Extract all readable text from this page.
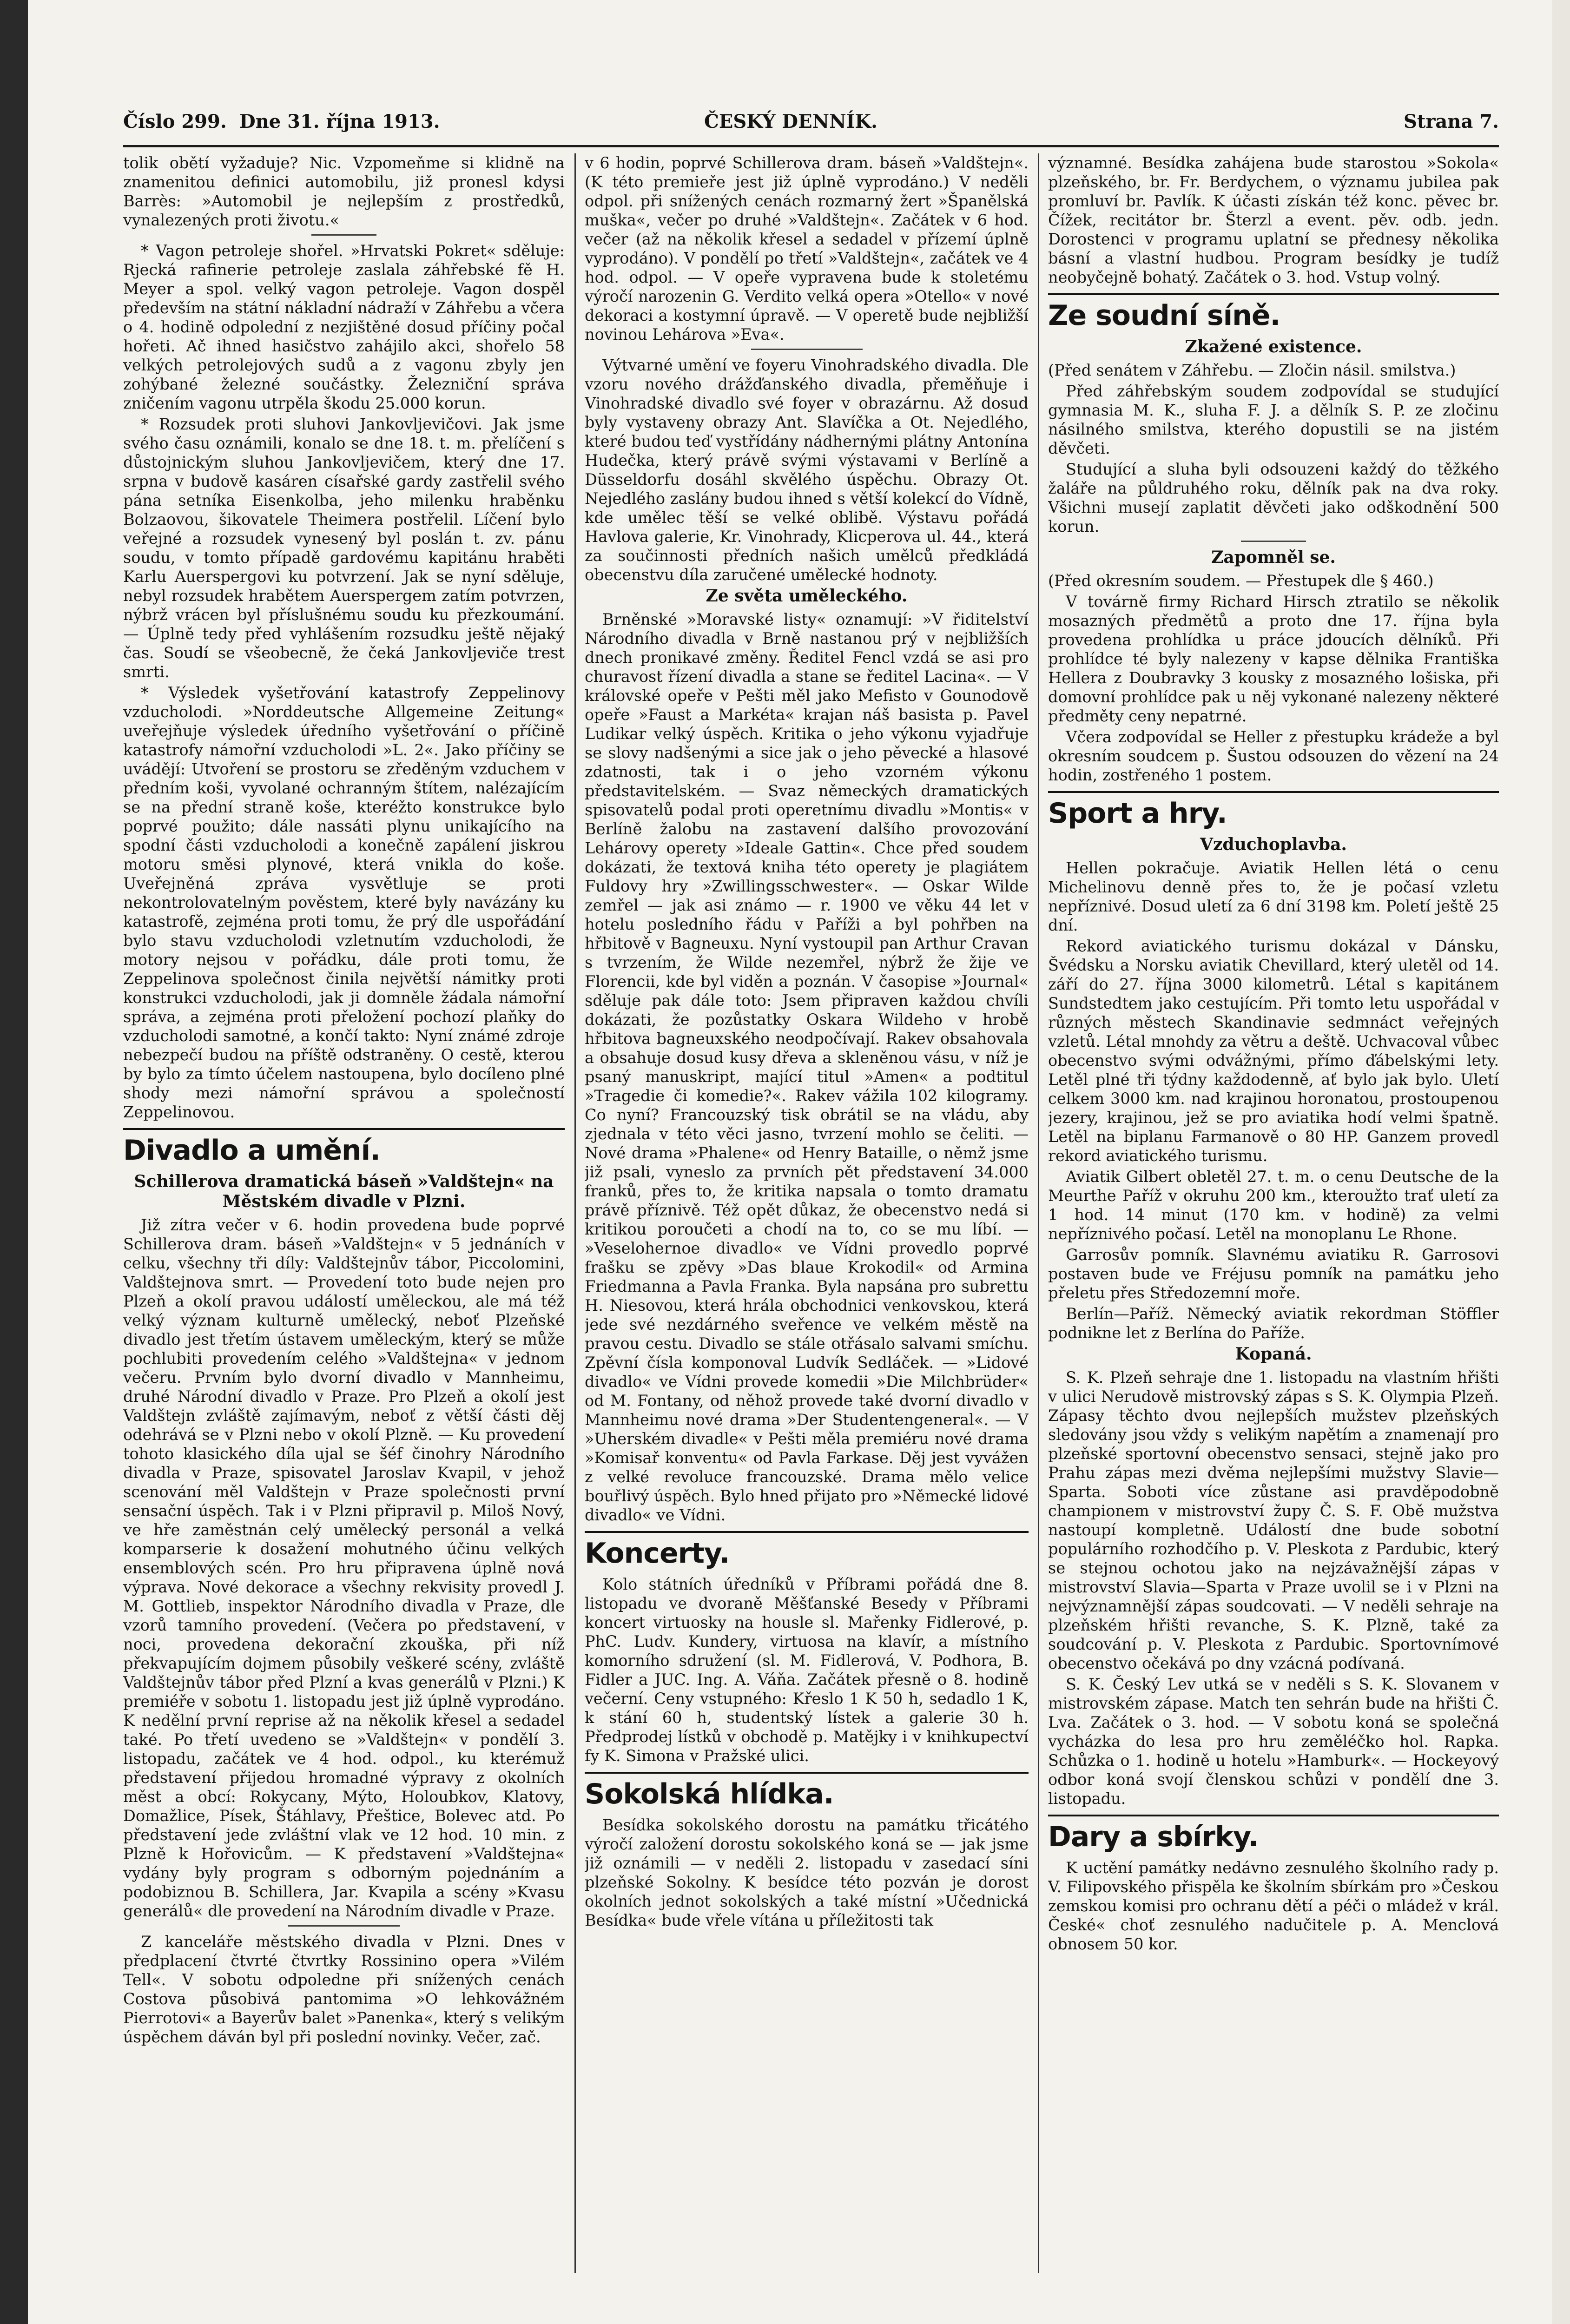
Číslo 299. Dne 31. října 1913.	ČESKÝ DENNÍK.	Strana 7.

tolik obětí vyžaduje? Nic. Vzpomeňme si klidně na znamenitou definici automobilu, již pronesl kdysi Barrès: »Automobil je nejlepším z prostředků, vynalezených proti životu.«

* Vagon petroleje shořel. »Hrvatski Pokret« sděluje: Rjecká rafinerie petroleje zaslala záhřebské fě H. Meyer a spol. velký vagon petroleje. Vagon dospěl především na státní nákladní nádraží v Záhřebu a včera o 4. hodině odpolední z nezjištěné dosud příčiny počal hořeti. Ač ihned hasičstvo zahájilo akci, shořelo 58 velkých petrolejových sudů a z vagonu zbyly jen zohýbané železné součástky. Železniční správa zničením vagonu utrpěla škodu 25.000 korun.

* Rozsudek proti sluhovi Jankovljevičovi. Jak jsme svého času oznámili, konalo se dne 18. t. m. přelíčení s důstojnickým sluhou Jankovljevičem, který dne 17. srpna v budově kasáren císařské gardy zastřelil svého pána setníka Eisenkolba, jeho milenku hraběnku Bolzaovou, šikovatele Theimera postřelil. Líčení bylo veřejné a rozsudek vynesený byl poslán t. zv. pánu soudu, v tomto případě gardovému kapitánu hraběti Karlu Auerspergovi ku potvrzení. Jak se nyní sděluje, nebyl rozsudek hrabětem Auerspergem zatím potvrzen, nýbrž vrácen byl příslušnému soudu ku přezkoumání. — Úplně tedy před vyhlášením rozsudku ještě nějaký čas. Soudí se všeobecně, že čeká Jankovljeviče trest smrti.

* Výsledek vyšetřování katastrofy Zeppelinovy vzducholodi. »Norddeutsche Allgemeine Zeitung« uveřejňuje výsledek úředního vyšetřování o příčině katastrofy námořní vzducholodi »L. 2«. Jako příčiny se uvádějí: Utvoření se prostoru se zředěným vzduchem v předním koši, vyvolané ochranným štítem, nalézajícím se na přední straně koše, kteréžto konstrukce bylo poprvé použito; dále nassáti plynu unikajícího na spodní části vzducholodi a konečně zapálení jiskrou motoru směsi plynové, která vnikla do koše. Uveřejněná zpráva vysvětluje se proti nekontrolovatelným pověstem, které byly navázány ku katastrofě, zejména proti tomu, že prý dle uspořádání bylo stavu vzducholodi vzletnutím vzducholodi, že motory nejsou v pořádku, dále proti tomu, že Zeppelinova společnost činila největší námitky proti konstrukci vzducholodi, jak ji domněle žádala námořní správa, a zejména proti přeložení pochozí plaňky do vzducholodi samotné, a končí takto: Nyní známé zdroje nebezpečí budou na příště odstraněny. O cestě, kterou by bylo za tímto účelem nastoupena, bylo docíleno plné shody mezi námořní správou a společností Zeppelinovou.

Divadlo a umění.
Schillerova dramatická báseň »Valdštejn« na Městském divadle v Plzni.

Již zítra večer v 6. hodin provedena bude poprvé Schillerova dram. báseň »Valdštejn« v 5 jednáních v celku, všechny tři díly: Valdštejnův tábor, Piccolomini, Valdštejnova smrt. — Provedení toto bude nejen pro Plzeň a okolí pravou událostí uměleckou, ale má též velký význam kulturně umělecký, neboť Plzeňské divadlo jest třetím ústavem uměleckým, který se může pochlubiti provedením celého »Valdštejna« v jednom večeru. Prvním bylo dvorní divadlo v Mannheimu, druhé Národní divadlo v Praze. Pro Plzeň a okolí jest Valdštejn zvláště zajímavým, neboť z větší části děj odehrává se v Plzni nebo v okolí Plzně. — Ku provedení tohoto klasického díla ujal se šéf činohry Národního divadla v Praze, spisovatel Jaroslav Kvapil, v jehož scenování měl Valdštejn v Praze společnosti první sensační úspěch. Tak i v Plzni připravil p. Miloš Nový, ve hře zaměstnán celý umělecký personál a velká komparserie k dosažení mohutného účinu velkých ensemblových scén. Pro hru připravena úplně nová výprava. Nové dekorace a všechny rekvisity provedl J. M. Gottlieb, inspektor Národního divadla v Praze, dle vzorů tamního provedení. (Večera po představení, v noci, provedena dekorační zkouška, při níž překvapujícím dojmem působily veškeré scény, zvláště Valdštejnův tábor před Plzní a kvas generálů v Plzni.) K premiéře v sobotu 1. listopadu jest již úplně vyprodáno. K nedělní první reprise až na několik křesel a sedadel také. Po třetí uvedeno se »Valdštejn« v pondělí 3. listopadu, začátek ve 4 hod. odpol., ku kterémuž představení přijedou hromadné výpravy z okolních měst a obcí: Rokycany, Mýto, Holoubkov, Klatovy, Domažlice, Písek, Štáhlavy, Přeštice, Bolevec atd. Po představení jede zvláštní vlak ve 12 hod. 10 min. z Plzně k Hořovicům. — K představení »Valdštejna« vydány byly program s odborným pojednáním a podobiznou B. Schillera, Jar. Kvapila a scény »Kvasu generálů« dle provedení na Národním divadle v Praze.

Z kanceláře městského divadla v Plzni. Dnes v předplacení čtvrté čtvrtky Rossinino opera »Vilém Tell«. V sobotu odpoledne při snížených cenách Costova působivá pantomima »O lehkovážném Pierrotovi« a Bayerův balet »Panenka«, který s velikým úspěchem dáván byl při poslední novinky. Večer, zač.

v 6 hodin, poprvé Schillerova dram. báseň »Valdštejn«. (K této premieře jest již úplně vyprodáno.) V neděli odpol. při snížených cenách rozmarný žert »Španělská muška«, večer po druhé »Valdštejn«. Začátek v 6 hod. večer (až na několik křesel a sedadel v přízemí úplně vyprodáno). V pondělí po třetí »Valdštejn«, začátek ve 4 hod. odpol. — V opeře vypravena bude k stoletému výročí narozenin G. Verdito velká opera »Otello« v nové dekoraci a kostymní úpravě. — V operetě bude nejbližší novinou Lehárova »Eva«.

Výtvarné umění ve foyeru Vinohradského divadla. Dle vzoru nového drážďanského divadla, přeměňuje i Vinohradské divadlo své foyer v obrazárnu. Až dosud byly vystaveny obrazy Ant. Slavíčka a Ot. Nejedlého, které budou teď vystřídány nádhernými plátny Antonína Hudečka, který právě svými výstavami v Berlíně a Düsseldorfu dosáhl skvělého úspěchu. Obrazy Ot. Nejedlého zaslány budou ihned s větší kolekcí do Vídně, kde umělec těší se velké oblibě. Výstavu pořádá Havlova galerie, Kr. Vinohrady, Klicperova ul. 44., která za součinnosti předních našich umělců předkládá obecenstvu díla zaručené umělecké hodnoty.

Ze světa uměleckého.

Brněnské »Moravské listy« oznamují: »V řiditelství Národního divadla v Brně nastanou prý v nejbližších dnech pronikavé změny. Ředitel Fencl vzdá se asi pro churavost řízení divadla a stane se ředitel Lacina«. — V královské opeře v Pešti měl jako Mefisto v Gounodově opeře »Faust a Markéta« krajan náš basista p. Pavel Ludikar velký úspěch. Kritika o jeho výkonu vyjadřuje se slovy nadšenými a sice jak o jeho pěvecké a hlasové zdatnosti, tak i o jeho vzorném výkonu představitelském. — Svaz německých dramatických spisovatelů podal proti operetnímu divadlu »Montis« v Berlíně žalobu na zastavení dalšího provozování Lehárovy operety »Ideale Gattin«. Chce před soudem dokázati, že textová kniha této operety je plagiátem Fuldovy hry »Zwillingsschwester«. — Oskar Wilde zemřel — jak asi známo — r. 1900 ve věku 44 let v hotelu posledního řádu v Paříži a byl pohřben na hřbitově v Bagneuxu. Nyní vystoupil pan Arthur Cravan s tvrzením, že Wilde nezemřel, nýbrž že žije ve Florencii, kde byl viděn a poznán. V časopise »Journal« sděluje pak dále toto: Jsem připraven každou chvíli dokázati, že pozůstatky Oskara Wildeho v hrobě hřbitova bagneuxského neodpočívají. Rakev obsahovala a obsahuje dosud kusy dřeva a skleněnou vásu, v níž je psaný manuskript, mající titul »Amen« a podtitul »Tragedie či komedie?«. Rakev vážila 102 kilogramy. Co nyní? Francouzský tisk obrátil se na vládu, aby zjednala v této věci jasno, tvrzení mohlo se čeliti. — Nové drama »Phalene« od Henry Bataille, o němž jsme již psali, vyneslo za prvních pět představení 34.000 franků, přes to, že kritika napsala o tomto dramatu právě příznivě. Též opět důkaz, že obecenstvo nedá si kritikou poroučeti a chodí na to, co se mu líbí. — »Veselohernoe divadlo« ve Vídni provedlo poprvé frašku se zpěvy »Das blaue Krokodil« od Armina Friedmanna a Pavla Franka. Byla napsána pro subrettu H. Niesovou, která hrála obchodnici venkovskou, která jede své nezdárného sveřence ve velkém městě na pravou cestu. Divadlo se stále otřásalo salvami smíchu. Zpěvní čísla komponoval Ludvík Sedláček. — »Lidové divadlo« ve Vídni provede komedii »Die Milchbrüder« od M. Fontany, od něhož provede také dvorní divadlo v Mannheimu nové drama »Der Studentengeneral«. — V »Uherském divadle« v Pešti měla premiéru nové drama »Komisař konventu« od Pavla Farkase. Děj jest vyvážen z velké revoluce francouzské. Drama mělo velice bouřlivý úspěch. Bylo hned přijato pro »Německé lidové divadlo« ve Vídni.

Koncerty.

Kolo státních úředníků v Příbrami pořádá dne 8. listopadu ve dvoraně Měšťanské Besedy v Příbrami koncert virtuosky na housle sl. Mařenky Fidlerové, p. PhC. Ludv. Kundery, virtuosa na klavír, a místního komorního sdružení (sl. M. Fidlerová, V. Podhora, B. Fidler a JUC. Ing. A. Váňa. Začátek přesně o 8. hodině večerní. Ceny vstupného: Křeslo 1 K 50 h, sedadlo 1 K, k stání 60 h, studentský lístek a galerie 30 h. Předprodej lístků v obchodě p. Matějky i v knihkupectví fy K. Simona v Pražské ulici.

Sokolská hlídka.

Besídka sokolského dorostu na památku třicátého výročí založení dorostu sokolského koná se — jak jsme již oznámili — v neděli 2. listopadu v zasedací síni plzeňské Sokolny. K besídce této pozván je dorost okolních jednot sokolských a také místní »Učednická Besídka« bude vřele vítána u příležitosti tak

významné. Besídka zahájena bude starostou »Sokola« plzeňského, br. Fr. Berdychem, o významu jubilea pak promluví br. Pavlík. K účasti získán též konc. pěvec br. Čížek, recitátor br. Šterzl a event. pěv. odb. jedn. Dorostenci v programu uplatní se přednesy několika básní a vlastní hudbou. Program besídky je tudíž neobyčejně bohatý. Začátek o 3. hod. Vstup volný.

Ze soudní síně.
Zkažené existence.

(Před senátem v Záhřebu. — Zločin násil. smilstva.)

Před záhřebským soudem zodpovídal se studující gymnasia M. K., sluha F. J. a dělník S. P. ze zločinu násilného smilstva, kterého dopustili se na jistém děvčeti.

Studující a sluha byli odsouzeni každý do těžkého žaláře na půldruhého roku, dělník pak na dva roky. Všichni musejí zaplatit děvčeti jako odškodnění 500 korun.

Zapomněl se.

(Před okresním soudem. — Přestupek dle § 460.)

V továrně firmy Richard Hirsch ztratilo se několik mosazných předmětů a proto dne 17. října byla provedena prohlídka u práce jdoucích dělníků. Při prohlídce té byly nalezeny v kapse dělnika Františka Hellera z Doubravky 3 kousky z mosazného lošiska, při domovní prohlídce pak u něj vykonané nalezeny některé předměty ceny nepatrné.

Včera zodpovídal se Heller z přestupku krádeže a byl okresním soudcem p. Šustou odsouzen do vězení na 24 hodin, zostřeného 1 postem.

Sport a hry.
Vzduchoplavba.

Hellen pokračuje. Aviatik Hellen létá o cenu Michelinovu denně přes to, že je počasí vzletu nepříznivé. Dosud uletí za 6 dní 3198 km. Poletí ještě 25 dní.

Rekord aviatického turismu dokázal v Dánsku, Švédsku a Norsku aviatik Chevillard, který uletěl od 14. září do 27. října 3000 kilometrů. Létal s kapitánem Sundstedtem jako cestujícím. Při tomto letu uspořádal v různých městech Skandinavie sedmnáct veřejných vzletů. Létal mnohdy za větru a deště. Uchvacoval vůbec obecenstvo svými odvážnými, přímo ďábelskými lety. Letěl plné tři týdny každodenně, ať bylo jak bylo. Uletí celkem 3000 km. nad krajinou horonatou, prostoupenou jezery, krajinou, jež se pro aviatika hodí velmi špatně. Letěl na biplanu Farmanově o 80 HP. Ganzem provedl rekord aviatického turismu.

Aviatik Gilbert obletěl 27. t. m. o cenu Deutsche de la Meurthe Paříž v okruhu 200 km., kteroužto trať uletí za 1 hod. 14 minut (170 km. v hodině) za velmi nepříznivého počasí. Letěl na monoplanu Le Rhone.

Garrosův pomník. Slavnému aviatiku R. Garrosovi postaven bude ve Fréjusu pomník na památku jeho přeletu přes Středozemní moře.

Berlín—Paříž. Německý aviatik rekordman Stöffler podnikne let z Berlína do Paříže.

Kopaná.

S. K. Plzeň sehraje dne 1. listopadu na vlastním hřišti v ulici Nerudově mistrovský zápas s S. K. Olympia Plzeň. Zápasy těchto dvou nejlepších mužstev plzeňských sledovány jsou vždy s velikým napětím a znamenají pro plzeňské sportovní obecenstvo sensaci, stejně jako pro Prahu zápas mezi dvěma nejlepšími mužstvy Slavie—Sparta. Soboti více zůstane asi pravděpodobně championem v mistrovství župy Č. S. F. Obě mužstva nastoupí kompletně. Událostí dne bude sobotní populárního rozhodčího p. V. Pleskota z Pardubic, který se stejnou ochotou jako na nejzávažnější zápas v mistrovství Slavia—Sparta v Praze uvolil se i v Plzni na nejvýznamnější zápas soudcovati. — V neděli sehraje na plzeňském hřišti revanche, S. K. Plzně, také za soudcování p. V. Pleskota z Pardubic. Sportovnímové obecenstvo očekává po dny vzácná podívaná.

S. K. Český Lev utká se v neděli s S. K. Slovanem v mistrovském zápase. Match ten sehrán bude na hřišti Č. Lva. Začátek o 3. hod. — V sobotu koná se společná vycházka do lesa pro hru zeměléčko hol. Rapka. Schůzka o 1. hodině u hotelu »Hamburk«. — Hockeyový odbor koná svojí členskou schůzi v pondělí dne 3. listopadu.

Dary a sbírky.

K uctění památky nedávno zesnulého školního rady p. V. Filipovského přispěla ke školním sbírkám pro »Českou zemskou komisi pro ochranu dětí a péči o mládež v král. České« choť zesnulého nadučitele p. A. Menclová obnosem 50 kor.
